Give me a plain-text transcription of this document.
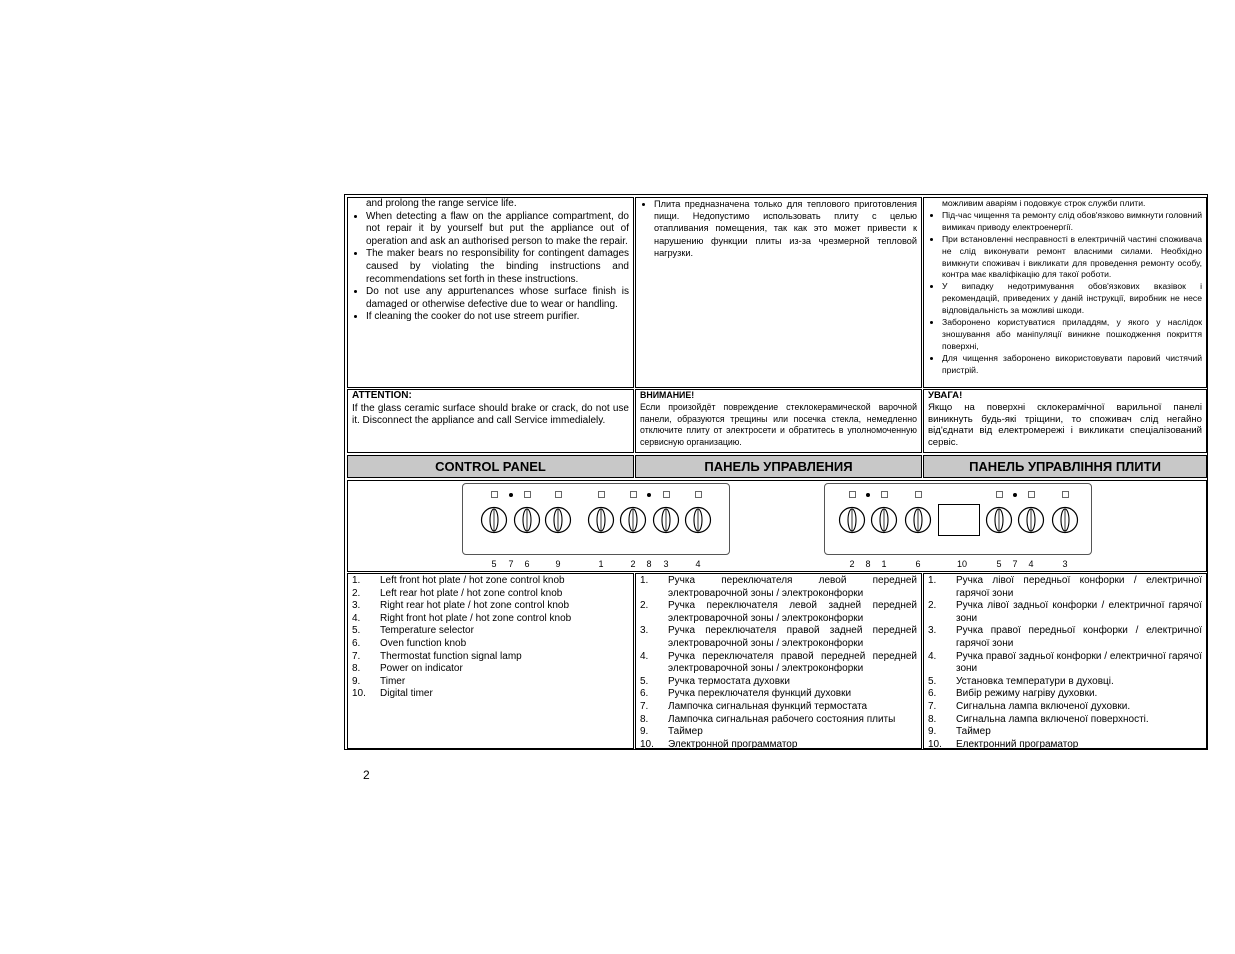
and prolong the range service life.
• When detecting a flaw on the appliance compartment, do not repair it by yourself but put the appliance out of operation and ask an authorised person to make the repair.
• The maker bears no responsibility for contingent damages caused by violating the binding instructions and recommendations set forth in these instructions.
• Do not use any appurtenances whose surface finish is damaged or otherwise defective due to wear or handling.
• If cleaning the cooker do not use streem purifier.
• Плита предназначена только для теплового приготовления пищи. Недопустимо использовать плиту с целью отапливания помещения, так как это может привести к нарушению функции плиты из-за чрезмерной тепловой нагрузки.
можливим аваріям і подовжує строк служби плити.
• Під-час чищення та ремонту слід обов'язково вимкнути головний вимикач приводу електроенергії.
• При встановленні несправності в електричній частині споживача не слід виконувати ремонт власними силами. Необхідно вимкнути споживач і викликати для проведення ремонту особу, контра має кваліфікацію для такої роботи.
• У випадку недотримування обов'язкових вказівок і рекомендацій, приведених у даній інструкції, виробник не несе відповідальність за можливі шкоди.
• Заборонено користуватися приладдям, у якого у наслідок зношування або маніпуляції виникне пошкодження покриття поверхні,
• Для чищення заборонено використовувати паровий чистячий пристрій.
ATTENTION:
If the glass ceramic surface should brake or crack, do not use it. Disconnect the appliance and call Service immedialely.
ВНИМАНИЕ!
Если произойдёт повреждение стеклокерамической варочной панели, образуются трещины или посечка стекла, немедленно отключите плиту от электросети и обратитесь в уполномоченную сервисную организацию.
УВАГА!
Якщо на поверхні склокерамічної варильної панелі виникнуть будь-які тріщини, то споживач слід негайно від'єднати від електромережі і викликати спеціалізований сервіс.
CONTROL PANEL	ПАНЕЛЬ УПРАВЛЕНИЯ	ПАНЕЛЬ УПРАВЛІННЯ ПЛИТИ
5	7	6	9	1	2	8	3	4	2	8	1	6	10	5	7	4	3
1.	Left front hot plate / hot zone control knob
2.	Left rear hot plate / hot zone control knob
3.	Right rear hot plate / hot zone control knob
4.	Right front hot plate / hot zone control knob
5.	Temperature selector
6.	Oven function knob
7.	Thermostat function signal lamp
8.	Power on indicator
9.	Timer
10.	Digital timer
1.	Ручка переключателя левой передней электроварочной зоны / электроконфорки
2.	Ручка переключателя левой задней передней электроварочной зоны / электроконфорки
3.	Ручка переключателя правой задней передней электроварочной зоны / электроконфорки
4.	Ручка переключателя правой передней передней электроварочной зоны / электроконфорки
5.	Ручка термостата духовки
6.	Ручка переключателя функций духовки
7.	Лампочка сигнальная функций термостата
8.	Лампочка сигнальная рабочего состояния плиты
9.	Таймер
10.	Электронной программатор
1.	Ручка лівої передньої конфорки / електричної гарячої зони
2.	Ручка лівої задньої конфорки / електричної гарячої зони
3.	Ручка правої передньої конфорки / електричної гарячої зони
4.	Ручка правої задньої конфорки / електричної гарячої зони
5.	Установка температури в духовці.
6.	Вибір режиму нагріву духовки.
7.	Сигнальна лампа включеної духовки.
8.	Сигнальна лампа включеної поверхності.
9.	Таймер
10.	Електронний програматор
2
